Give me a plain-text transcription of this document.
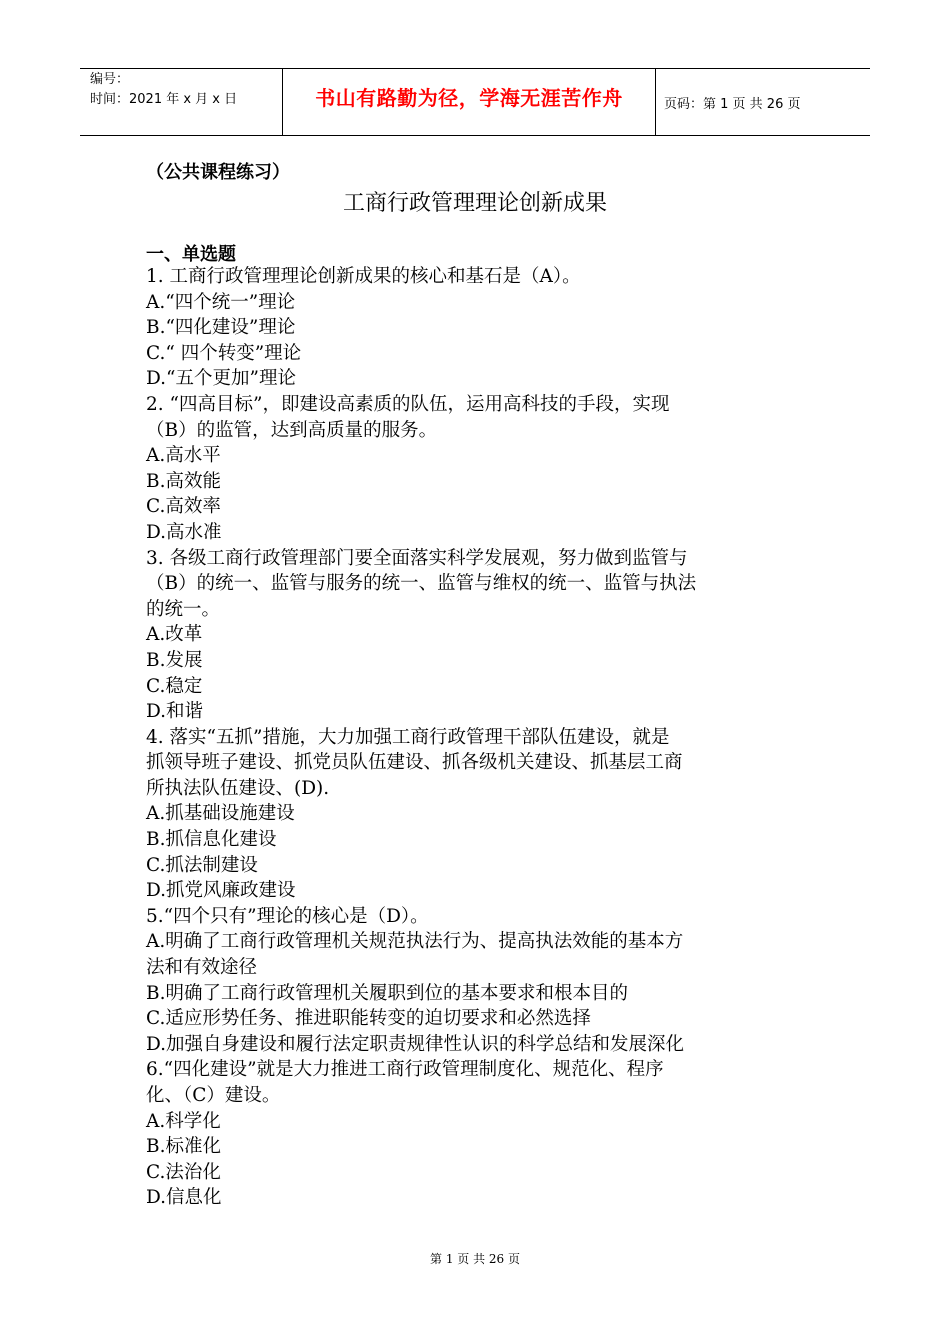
编号：
时间：2021 年 x 月 x 日	书山有路勤为径，学海无涯苦作舟	页码：第 1 页 共 26 页
（公共课程练习）
工商行政管理理论创新成果
一、单选题
1. 工商行政管理理论创新成果的核心和基石是（A）。
A.“四个统一”理论
B.“四化建设”理论
C.“ 四个转变”理论
D.“五个更加”理论
2. “四高目标”，即建设高素质的队伍，运用高科技的手段，实现
（B）的监管，达到高质量的服务。
A.高水平
B.高效能
C.高效率
D.高水准
3. 各级工商行政管理部门要全面落实科学发展观，努力做到监管与
（B）的统一、监管与服务的统一、监管与维权的统一、监管与执法
的统一。
A.改革
B.发展
C.稳定
D.和谐
4. 落实“五抓”措施，大力加强工商行政管理干部队伍建设，就是
抓领导班子建设、抓党员队伍建设、抓各级机关建设、抓基层工商
所执法队伍建设、(D).
A.抓基础设施建设
B.抓信息化建设
C.抓法制建设
D.抓党风廉政建设
5.“四个只有”理论的核心是（D）。
A.明确了工商行政管理机关规范执法行为、提高执法效能的基本方
法和有效途径
B.明确了工商行政管理机关履职到位的基本要求和根本目的
C.适应形势任务、推进职能转变的迫切要求和必然选择
D.加强自身建设和履行法定职责规律性认识的科学总结和发展深化
6.“四化建设”就是大力推进工商行政管理制度化、规范化、程序
化、（C）建设。
A.科学化
B.标准化
C.法治化
D.信息化
第 1 页 共 26 页
